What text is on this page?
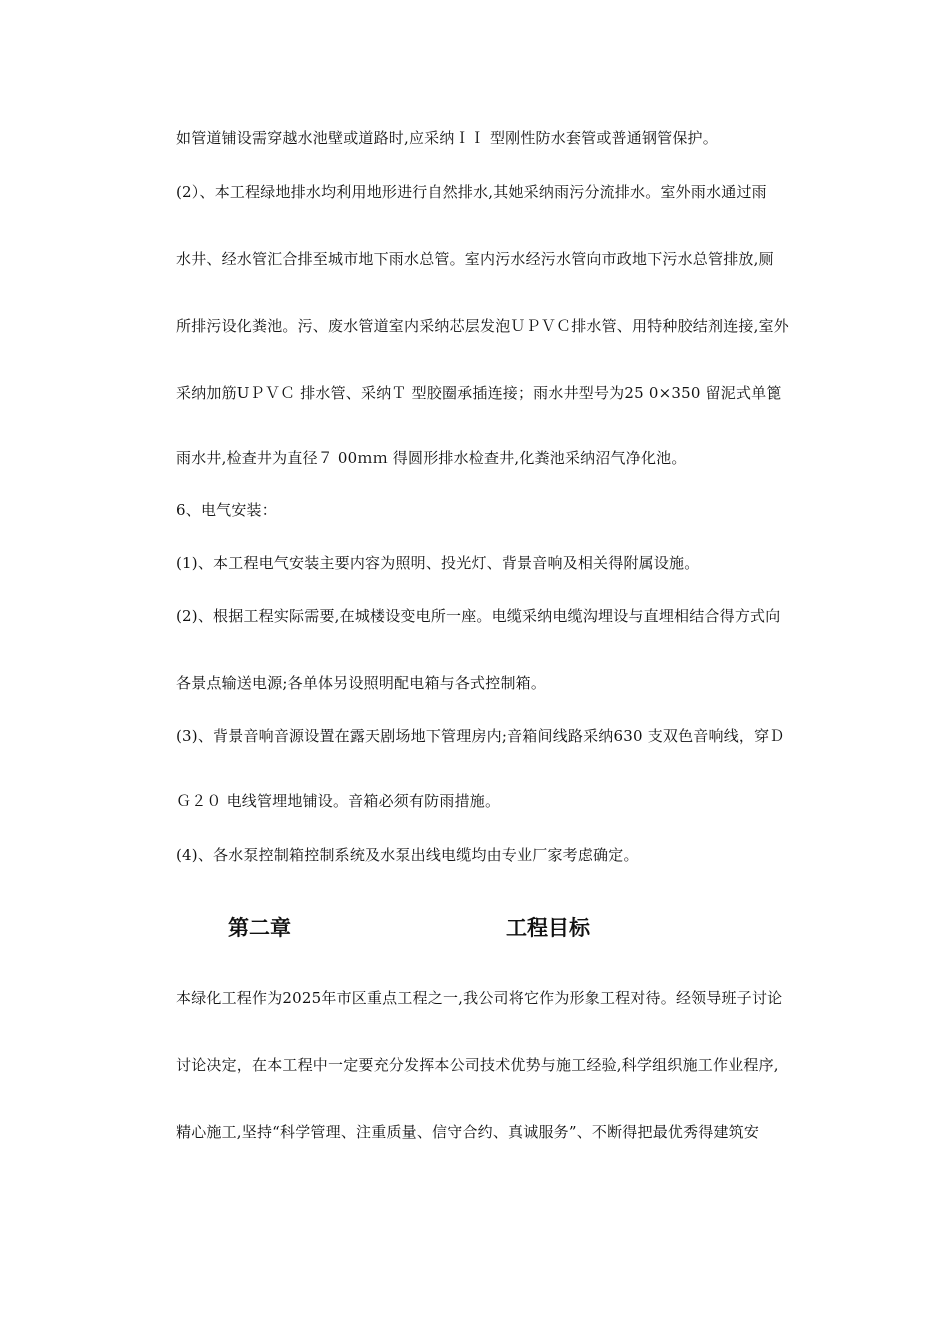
如管道铺设需穿越水池壁或道路时,应采纳ＩＩ 型刚性防水套管或普通钢管保护。
(2）、本工程绿地排水均利用地形进行自然排水,其她采纳雨污分流排水。室外雨水通过雨
水井、经水管汇合排至城市地下雨水总管。室内污水经污水管向市政地下污水总管排放,厕
所排污设化粪池。污、废水管道室内采纳芯层发泡ＵＰＶＣ排水管、用特种胶结剂连接,室外
采纳加筋UＰＶＣ 排水管、采纳Ｔ 型胶圈承插连接；雨水井型号为25 0×350 留泥式单篦
雨水井,检查井为直径７ 00ｍｍ 得圆形排水检查井,化粪池采纳沼气净化池。
6、电气安装：
(1)、本工程电气安装主要内容为照明、投光灯、背景音响及相关得附属设施。
(2)、根据工程实际需要,在城楼设变电所一座。电缆采纳电缆沟埋设与直埋相结合得方式向
各景点输送电源;各单体另设照明配电箱与各式控制箱。
(3)、背景音响音源设置在露天剧场地下管理房内;音箱间线路采纳630 支双色音响线，穿Ｄ
Ｇ２０ 电线管埋地铺设。音箱必须有防雨措施。
(4)、各水泵控制箱控制系统及水泵出线电缆均由专业厂家考虑确定。
第二章	工程目标
本绿化工程作为2025年市区重点工程之一,我公司将它作为形象工程对待。经领导班子讨论
讨论决定，在本工程中一定要充分发挥本公司技术优势与施工经验,科学组织施工作业程序,
精心施工,坚持“科学管理、注重质量、信守合约、真诚服务”、不断得把最优秀得建筑安
